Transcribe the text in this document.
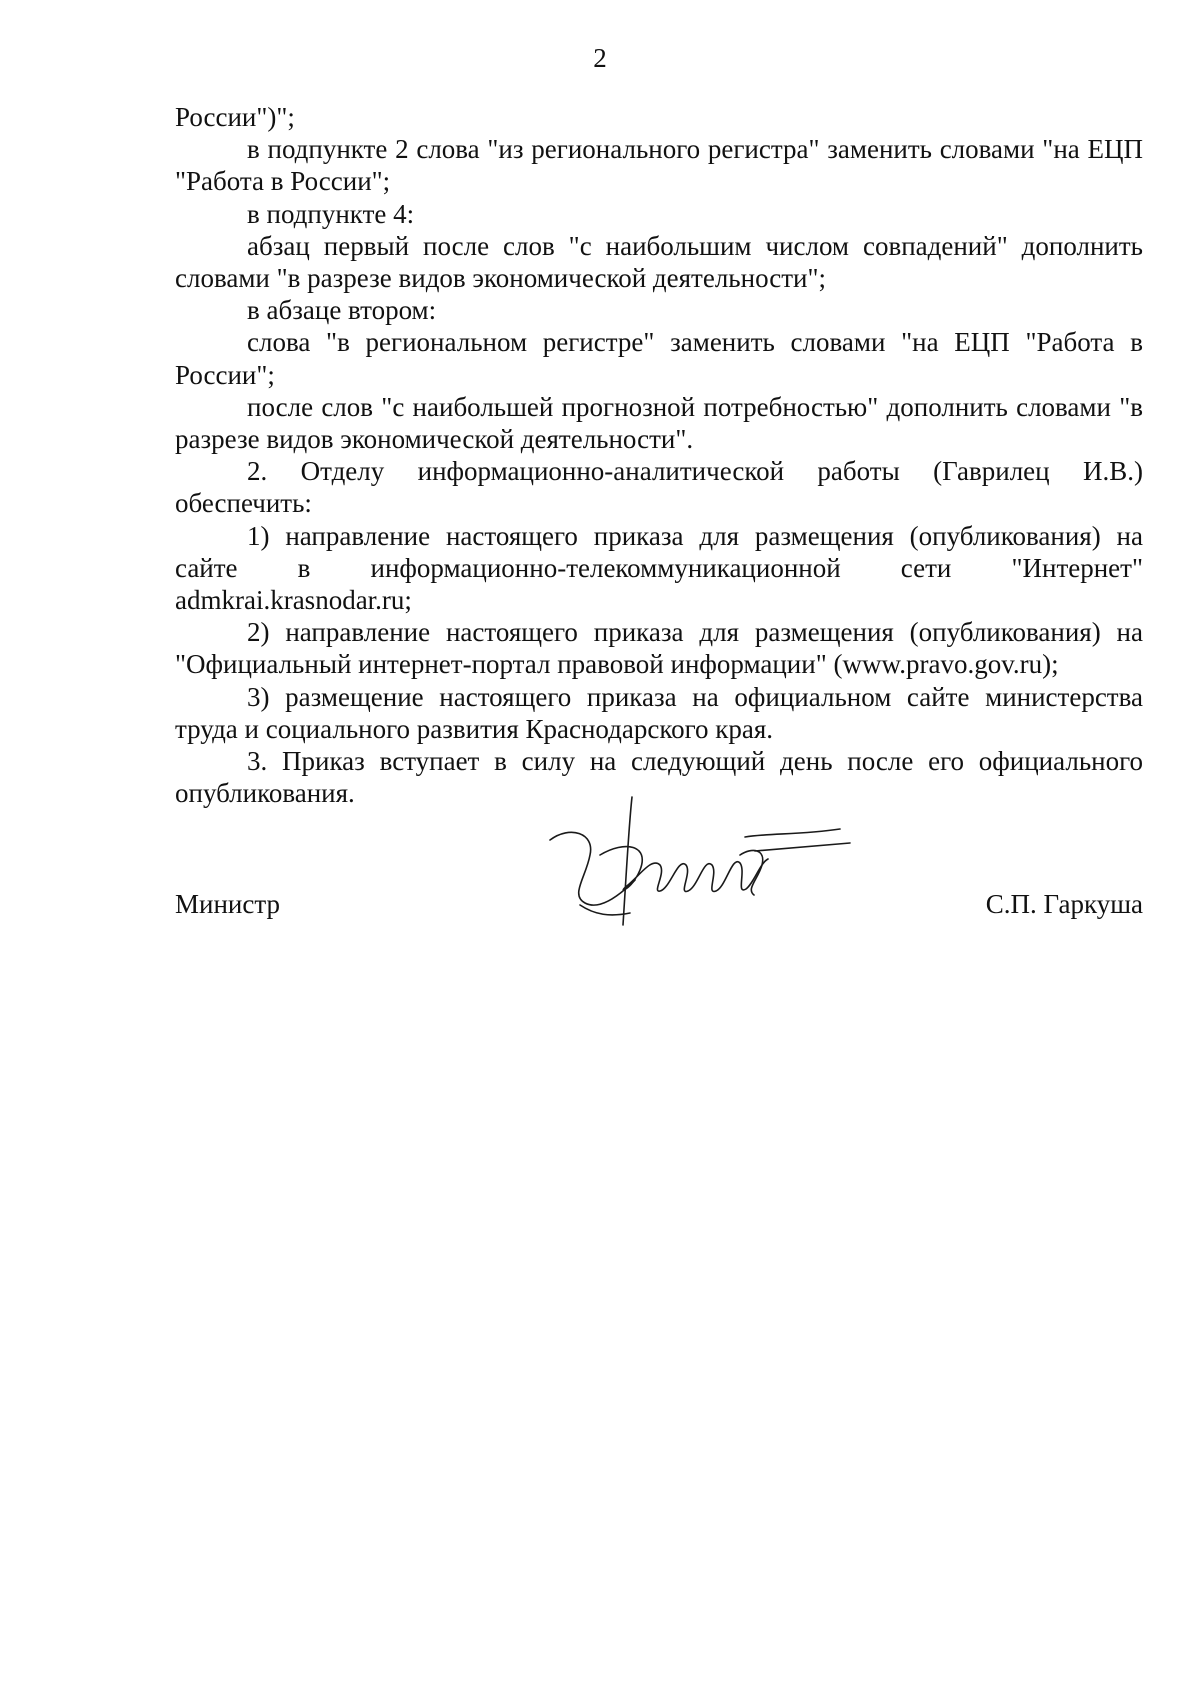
2

России")";

в подпункте 2 слова "из регионального регистра" заменить словами "на ЕЦП "Работа в России";

в подпункте 4:

абзац первый после слов "с наибольшим числом совпадений" дополнить словами "в разрезе видов экономической деятельности";

в абзаце втором:

слова "в региональном регистре" заменить словами "на ЕЦП "Работа в России";

после слов "с наибольшей прогнозной потребностью" дополнить словами "в разрезе видов экономической деятельности".

2. Отделу информационно-аналитической работы (Гаврилец И.В.) обеспечить:

1) направление настоящего приказа для размещения (опубликования) на сайте в информационно-телекоммуникационной сети "Интернет" admkrai.krasnodar.ru;

2) направление настоящего приказа для размещения (опубликования) на "Официальный интернет-портал правовой информации" (www.pravo.gov.ru);

3) размещение настоящего приказа на официальном сайте министерства труда и социального развития Краснодарского края.

3. Приказ вступает в силу на следующий день после его официального опубликования.

Министр	С.П. Гаркуша
